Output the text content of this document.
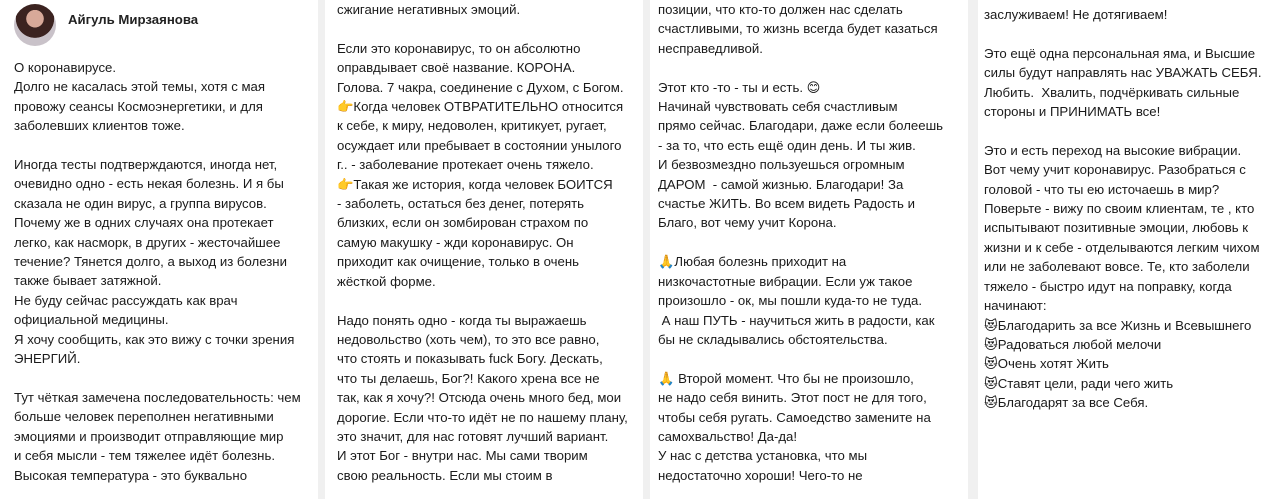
Айгуль Мирзаянова

О коронавирусе.

Долго не касалась этой темы, хотя с мая

провожу сеансы Космоэнергетики, и для

заболевших клиентов тоже.

Иногда тесты подтверждаются, иногда нет,

очевидно одно - есть некая болезнь. И я бы

сказала не один вирус, а группа вирусов.

Почему же в одних случаях она протекает

легко, как насморк, в других - жесточайшее

течение? Тянется долго, а выход из болезни

также бывает затяжной.

Не буду сейчас рассуждать как врач

официальной медицины.

Я хочу сообщить, как это вижу с точки зрения

ЭНЕРГИЙ.

Тут чёткая замечена последовательность: чем

больше человек переполнен негативными

эмоциями и производит отправляющие мир

и себя мысли - тем тяжелее идёт болезнь.

Высокая температура - это буквально

сжигание негативных эмоций.

Если это коронавирус, то он абсолютно

оправдывает своё название. КОРОНА.

Голова. 7 чакра, соединение с Духом, с Богом.

👉Когда человек ОТВРАТИТЕЛЬНО относится

к себе, к миру, недоволен, критикует, ругает,

осуждает или пребывает в состоянии унылого

г.. - заболевание протекает очень тяжело.

👉Такая же история, когда человек БОИТСЯ

- заболеть, остаться без денег, потерять

близких, если он зомбирован страхом по

самую макушку - жди коронавирус. Он

приходит как очищение, только в очень

жёсткой форме.

Надо понять одно - когда ты выражаешь

недовольство (хоть чем), то это все равно,

что стоять и показывать fuck Богу. Дескать,

что ты делаешь, Бог?! Какого хрена все не

так, как я хочу?! Отсюда очень много бед, мои

дорогие. Если что-то идёт не по нашему плану,

это значит, для нас готовят лучший вариант.

И этот Бог - внутри нас. Мы сами творим

свою реальность. Если мы стоим в

позиции, что кто-то должен нас сделать

счастливыми, то жизнь всегда будет казаться

несправедливой.

Этот кто -то - ты и есть. 😊

Начинай чувствовать себя счастливым

прямо сейчас. Благодари, даже если болеешь

- за то, что есть ещё один день. И ты жив.

И безвозмездно пользуешься огромным

ДАРОМ  - самой жизнью. Благодари! За

счастье ЖИТЬ. Во всем видеть Радость и

Благо, вот чему учит Корона.

🙏Любая болезнь приходит на

низкочастотные вибрации. Если уж такое

произошло - ок, мы пошли куда-то не туда.

А наш ПУТЬ - научиться жить в радости, как

бы не складывались обстоятельства.

🙏 Второй момент. Что бы не произошло,

не надо себя винить. Этот пост не для того,

чтобы себя ругать. Самоедство замените на

самохвальство! Да-да!

У нас с детства установка, что мы

недостаточно хороши! Чего-то не

заслуживаем! Не дотягиваем!

Это ещё одна персональная яма, и Высшие

силы будут направлять нас УВАЖАТЬ СЕБЯ.

Любить.  Хвалить, подчёркивать сильные

стороны и ПРИНИМАТЬ все!

Это и есть переход на высокие вибрации.

Вот чему учит коронавирус. Разобраться с

головой - что ты ею источаешь в мир?

Поверьте - вижу по своим клиентам, те , кто

испытывают позитивные эмоции, любовь к

жизни и к себе - отделываются легким чихом

или не заболевают вовсе. Те, кто заболели

тяжело - быстро идут на поправку, когда

начинают:

😻Благодарить за все Жизнь и Всевышнего

😻Радоваться любой мелочи

😻Очень хотят Жить

😻Ставят цели, ради чего жить

😻Благодарят за все Себя.
